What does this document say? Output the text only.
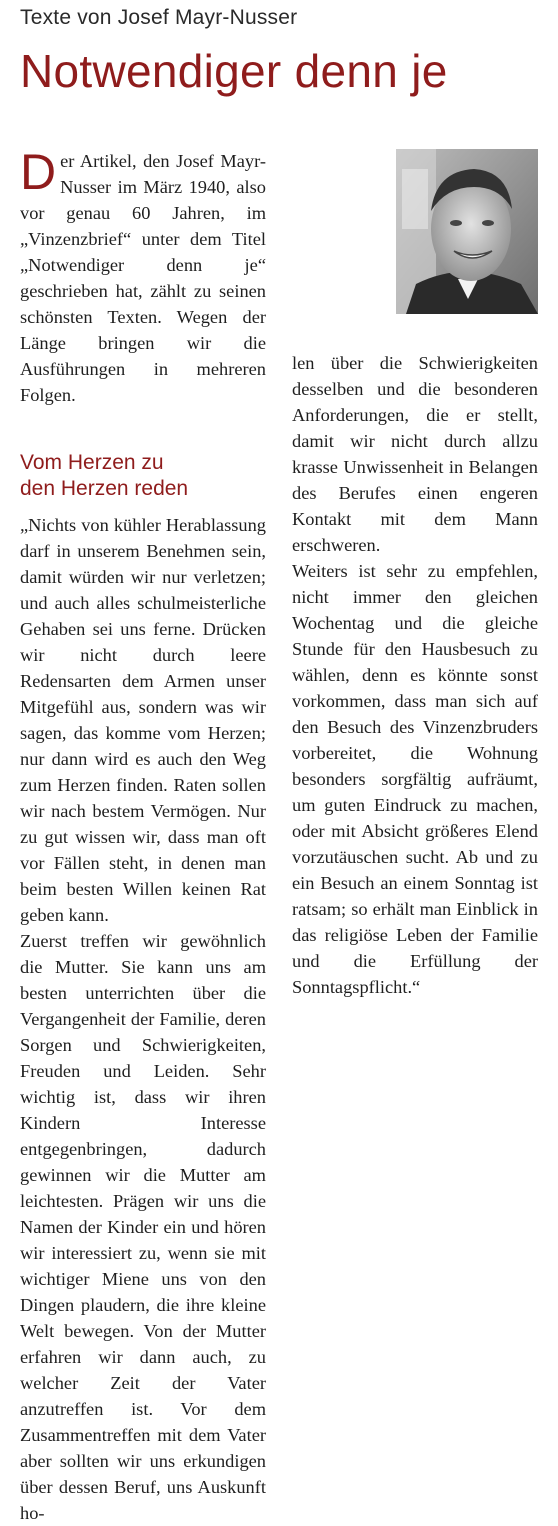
Texte von Josef Mayr-Nusser
Notwendiger denn je
Der Artikel, den Josef Mayr-Nusser im März 1940, also vor genau 60 Jahren, im „Vinzenzbrief“ unter dem Titel „Notwendiger denn je“ geschrieben hat, zählt zu seinen schönsten Texten. Wegen der Länge bringen wir die Ausführungen in mehreren Folgen.
Vom Herzen zu
den Herzen reden

„Nichts von kühler Herablassung darf in unserem Benehmen sein, damit würden wir nur verletzen; und auch alles schulmeisterliche Gehaben sei uns ferne. Drücken wir nicht durch leere Redensarten dem Armen unser Mitgefühl aus, sondern was wir sagen, das komme vom Herzen; nur dann wird es auch den Weg zum Herzen finden. Raten sollen wir nach bestem Vermögen. Nur zu gut wissen wir, dass man oft vor Fällen steht, in denen man beim besten Willen keinen Rat geben kann.

Zuerst treffen wir gewöhnlich die Mutter. Sie kann uns am besten unterrichten über die Vergangenheit der Familie, deren Sorgen und Schwierigkeiten, Freuden und Leiden. Sehr wichtig ist, dass wir ihren Kindern Interesse entgegenbringen, dadurch gewinnen wir die Mutter am leichtesten. Prägen wir uns die Namen der Kinder ein und hören wir interessiert zu, wenn sie mit wichtiger Miene uns von den Dingen plaudern, die ihre kleine Welt bewegen. Von der Mutter erfahren wir dann auch, zu welcher Zeit der Vater anzutreffen ist. Vor dem Zusammentreffen mit dem Vater aber sollten wir uns erkundigen über dessen Beruf, uns Auskunft ho-

len über die Schwierigkeiten desselben und die besonderen Anforderungen, die er stellt, damit wir nicht durch allzu krasse Unwissenheit in Belangen des Berufes einen engeren Kontakt mit dem Mann erschweren.

Weiters ist sehr zu empfehlen, nicht immer den gleichen Wochentag und die gleiche Stunde für den Hausbesuch zu wählen, denn es könnte sonst vorkommen, dass man sich auf den Besuch des Vinzenzbruders vorbereitet, die Wohnung besonders sorgfältig aufräumt, um guten Eindruck zu machen, oder mit Absicht größeres Elend vorzutäuschen sucht. Ab und zu ein Besuch an einem Sonntag ist ratsam; so erhält man Einblick in das religiöse Leben der Familie und die Erfüllung der Sonntagspflicht.“
